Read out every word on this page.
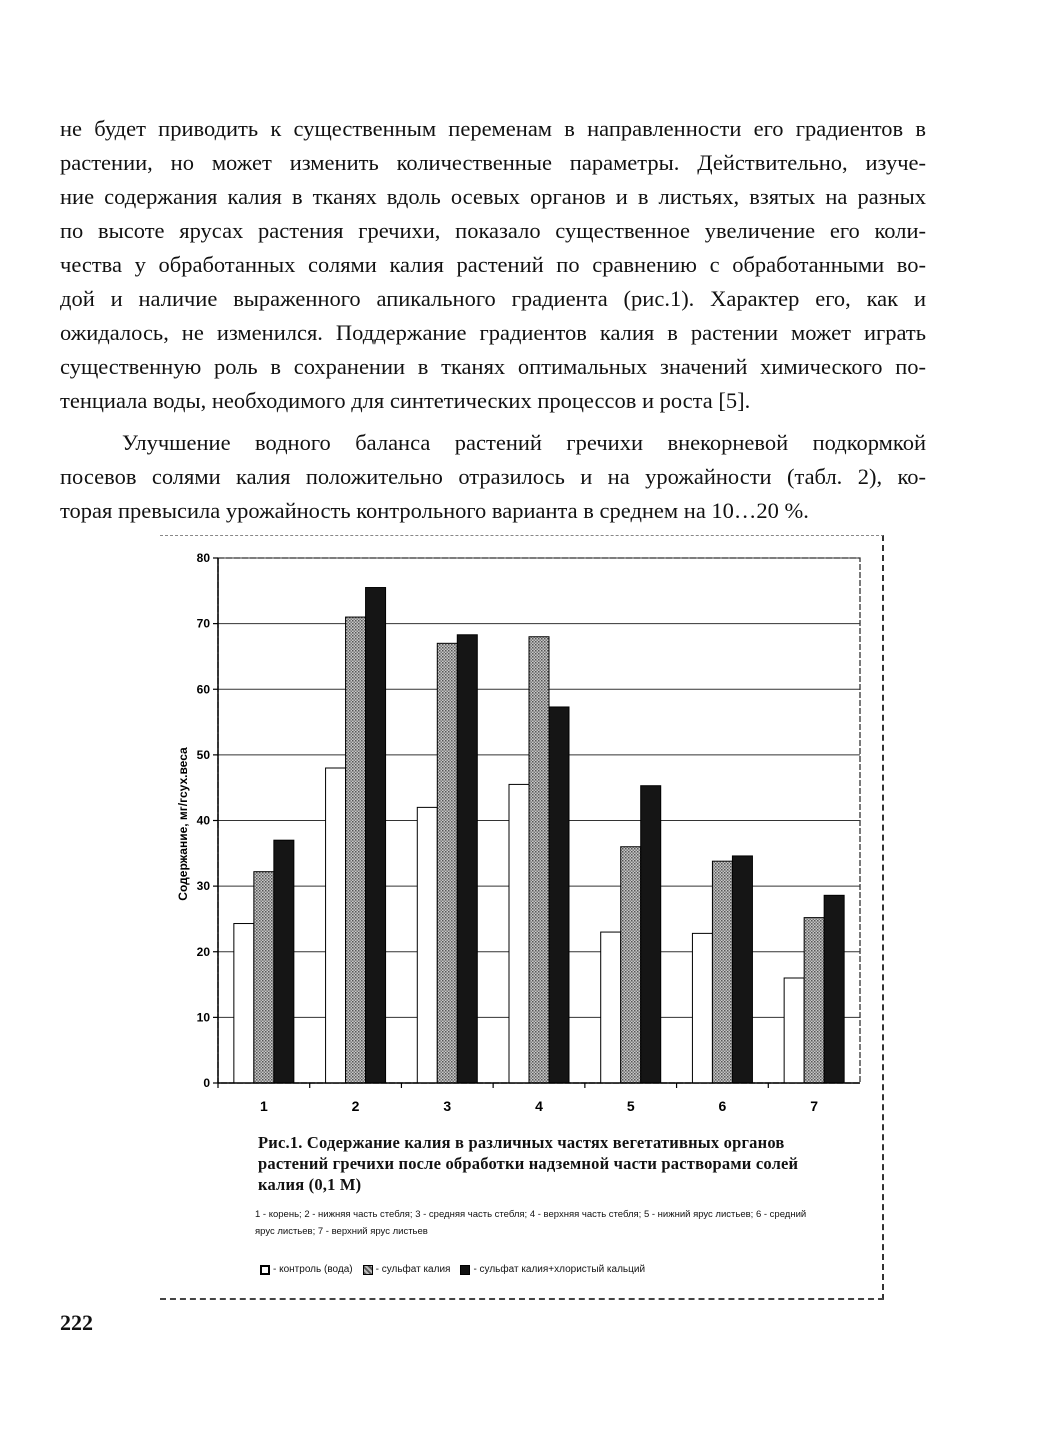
не будет приводить к существенным переменам в направленности его градиентов в
растении, но может изменить количественные параметры. Действительно, изуче-
ние содержания калия в тканях вдоль осевых органов и в листьях, взятых на разных
по высоте ярусах растения гречихи, показало существенное увеличение его коли-
чества у обработанных солями калия растений по сравнению с обработанными во-
дой и наличие выраженного апикального градиента (рис.1). Характер его, как и
ожидалось, не изменился. Поддержание градиентов калия в растении может играть
существенную роль в сохранении в тканях оптимальных значений химического по-
тенциала воды, необходимого для синтетических процессов и роста [5].
Улучшение водного баланса растений гречихи внекорневой подкормкой
посевов солями калия положительно отразилось и на урожайности (табл. 2), ко-
торая превысила урожайность контрольного варианта в среднем на 10…20 %.
0
10
20
30
40
50
60
70
80
1	2	3	4	5	6	7
Содержание, мг/гсух.веса
Рис.1. Содержание калия в различных частях вегетативных органов растений гречихи после обработки надземной части растворами солей калия (0,1 М)
1 - корень; 2 - нижняя часть стебля; 3 - средняя часть стебля; 4 - верхняя часть стебля; 5 - нижний ярус листьев; 6 - средний ярус листьев; 7 - верхний ярус листьев
- контроль (вода) - сульфат калия - сульфат калия+хлористый кальций
222
